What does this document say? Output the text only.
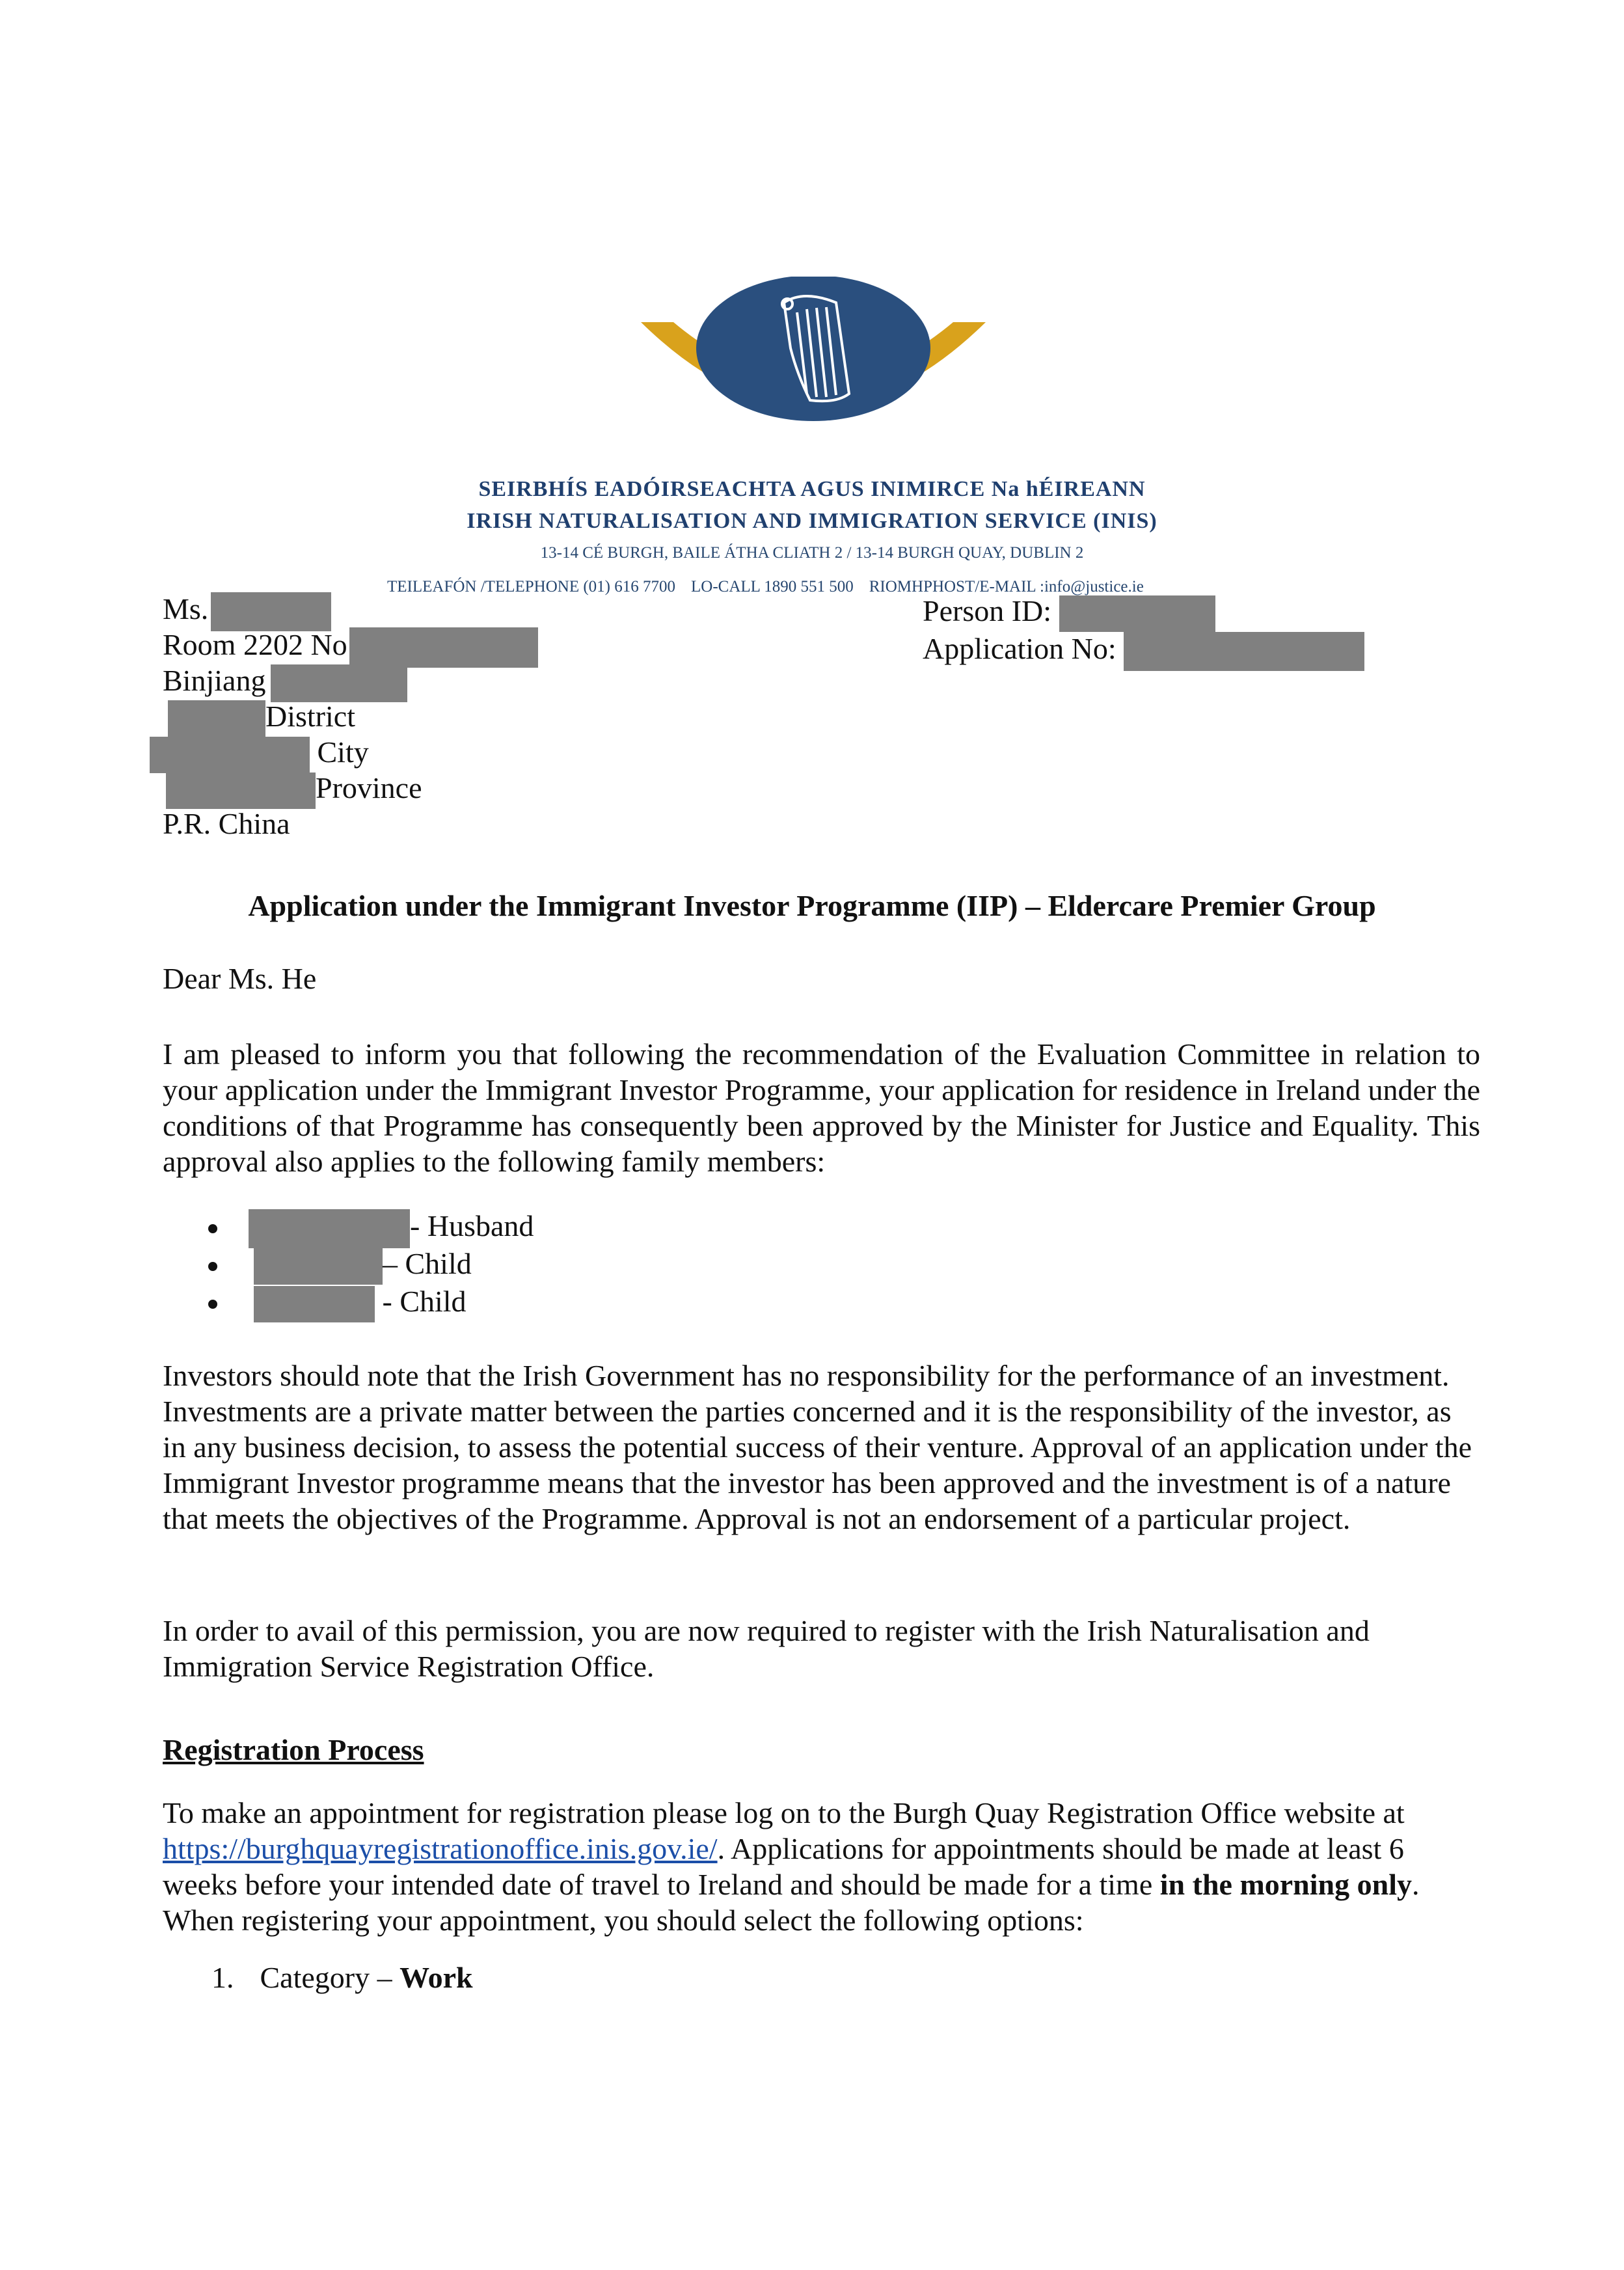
SEIRBHÍS EADÓIRSEACHTA AGUS INIMIRCE Na hÉIREANN
IRISH NATURALISATION AND IMMIGRATION SERVICE (INIS)
13-14 CÉ BURGH, BAILE ÁTHA CLIATH 2 / 13-14 BURGH QUAY, DUBLIN 2
TEILEAFÓN /TELEPHONE (01) 616 7700 LO-CALL 1890 551 500 RIOMHPHOST/E-MAIL :info@justice.ie
Ms.
Room 2202 No
Binjiang
District
City
Province
P.R. China
Person ID:
Application No:
Application under the Immigrant Investor Programme (IIP) – Eldercare Premier Group
Dear Ms. He
I am pleased to inform you that following the recommendation of the Evaluation Committee in relation to your application under the Immigrant Investor Programme, your application for residence in Ireland under the conditions of that Programme has consequently been approved by the Minister for Justice and Equality. This approval also applies to the following family members:
- Husband
– Child
- Child
Investors should note that the Irish Government has no responsibility for the performance of an investment. Investments are a private matter between the parties concerned and it is the responsibility of the investor, as in any business decision, to assess the potential success of their venture. Approval of an application under the Immigrant Investor programme means that the investor has been approved and the investment is of a nature that meets the objectives of the Programme. Approval is not an endorsement of a particular project.
In order to avail of this permission, you are now required to register with the Irish Naturalisation and Immigration Service Registration Office.
Registration Process
To make an appointment for registration please log on to the Burgh Quay Registration Office website at https://burghquayregistrationoffice.inis.gov.ie/. Applications for appointments should be made at least 6 weeks before your intended date of travel to Ireland and should be made for a time in the morning only. When registering your appointment, you should select the following options:
1. Category – Work
